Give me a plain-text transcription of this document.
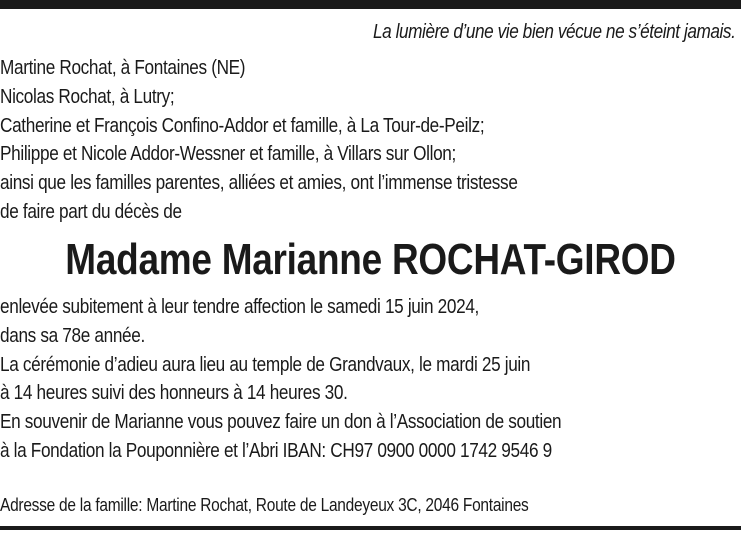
La lumière d’une vie bien vécue ne s’éteint jamais.
Martine Rochat, à Fontaines (NE)
Nicolas Rochat, à Lutry;
Catherine et François Confino-Addor et famille, à La Tour-de-Peilz;
Philippe et Nicole Addor-Wessner et famille, à Villars sur Ollon;
ainsi que les familles parentes, alliées et amies, ont l’immense tristesse
de faire part du décès de
Madame Marianne ROCHAT-GIROD
enlevée subitement à leur tendre affection le samedi 15 juin 2024,
dans sa 78e année.
La cérémonie d’adieu aura lieu au temple de Grandvaux, le mardi 25 juin
à 14 heures suivi des honneurs à 14 heures 30.
En souvenir de Marianne vous pouvez faire un don à l’Association de soutien
à la Fondation la Pouponnière et l’Abri IBAN: CH97 0900 0000 1742 9546 9
Adresse de la famille: Martine Rochat, Route de Landeyeux 3C, 2046 Fontaines
